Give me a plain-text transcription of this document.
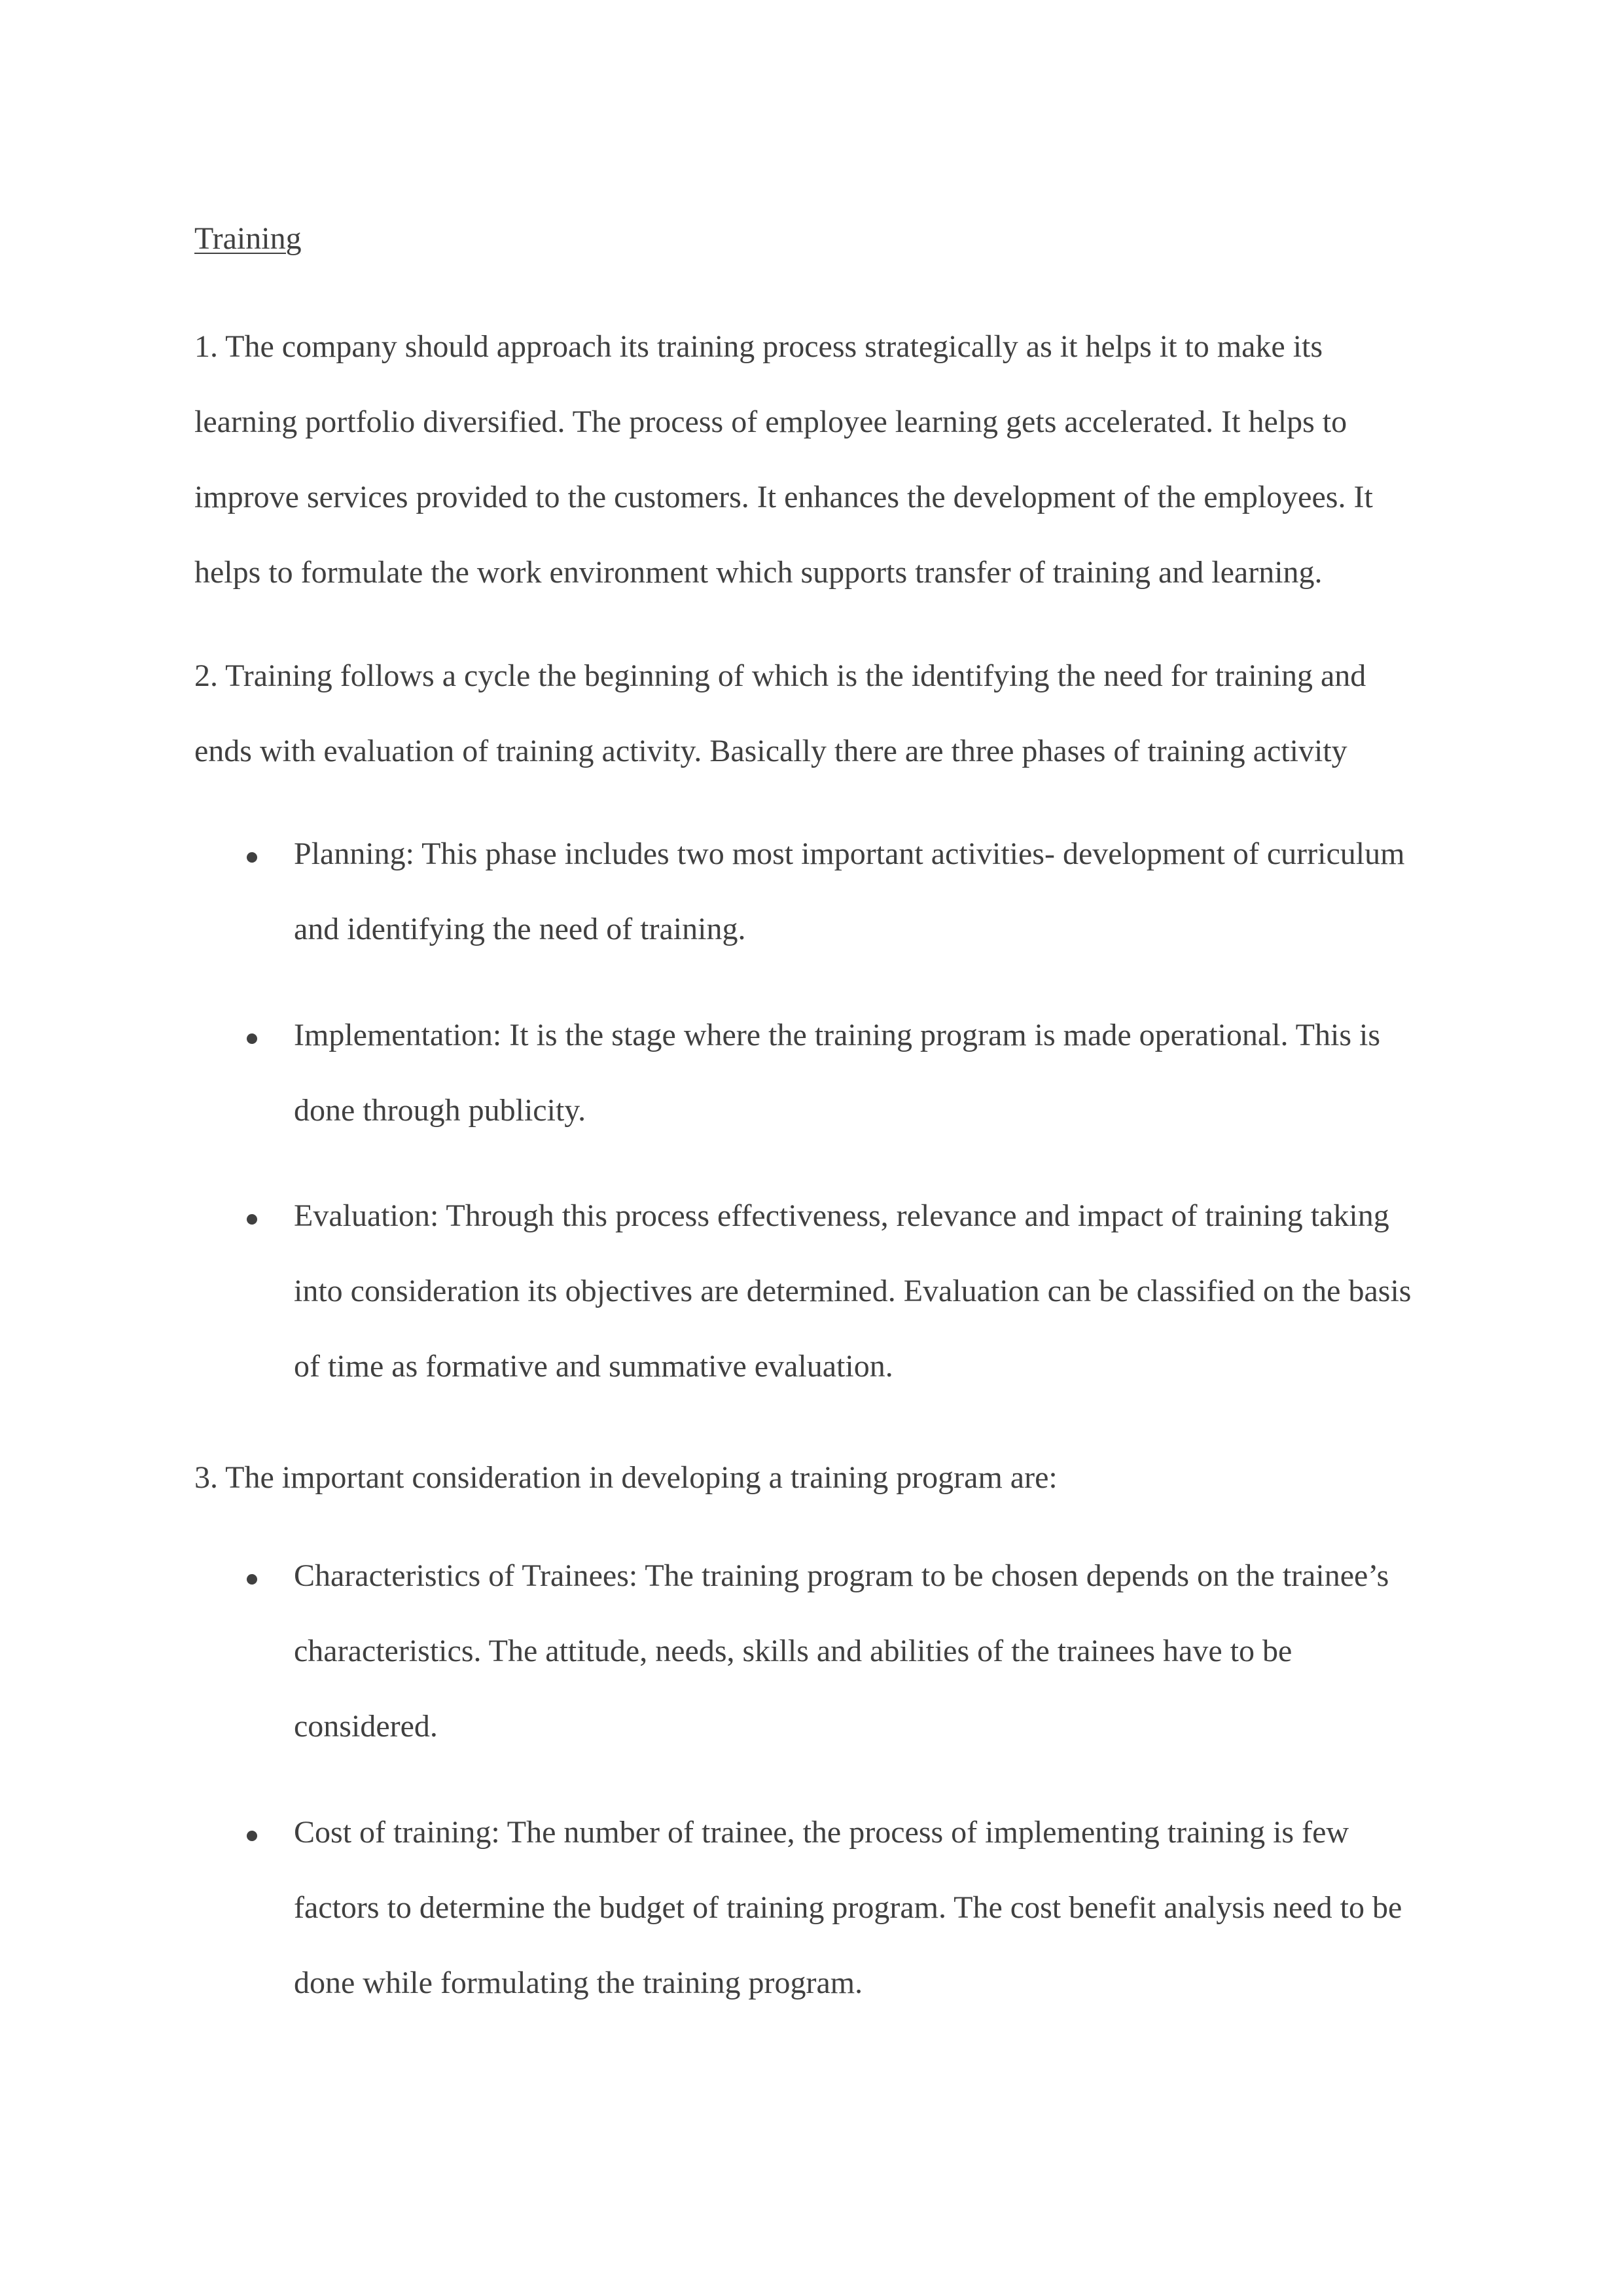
Training

1. The company should approach its training process strategically as it helps it to make its learning portfolio diversified. The process of employee learning gets accelerated. It helps to improve services provided to the customers. It enhances the development of the employees. It helps to formulate the work environment which supports transfer of training and learning.

2. Training follows a cycle the beginning of which is the identifying the need for training and ends with evaluation of training activity. Basically there are three phases of training activity

Planning: This phase includes two most important activities- development of curriculum and identifying the need of training.
Implementation: It is the stage where the training program is made operational. This is done through publicity.
Evaluation: Through this process effectiveness, relevance and impact of training taking into consideration its objectives are determined. Evaluation can be classified on the basis of time as formative and summative evaluation.

3. The important consideration in developing a training program are:

Characteristics of Trainees: The training program to be chosen depends on the trainee’s characteristics. The attitude, needs, skills and abilities of the trainees have to be considered.
Cost of training: The number of trainee, the process of implementing training is few factors to determine the budget of training program. The cost benefit analysis need to be done while formulating the training program.
